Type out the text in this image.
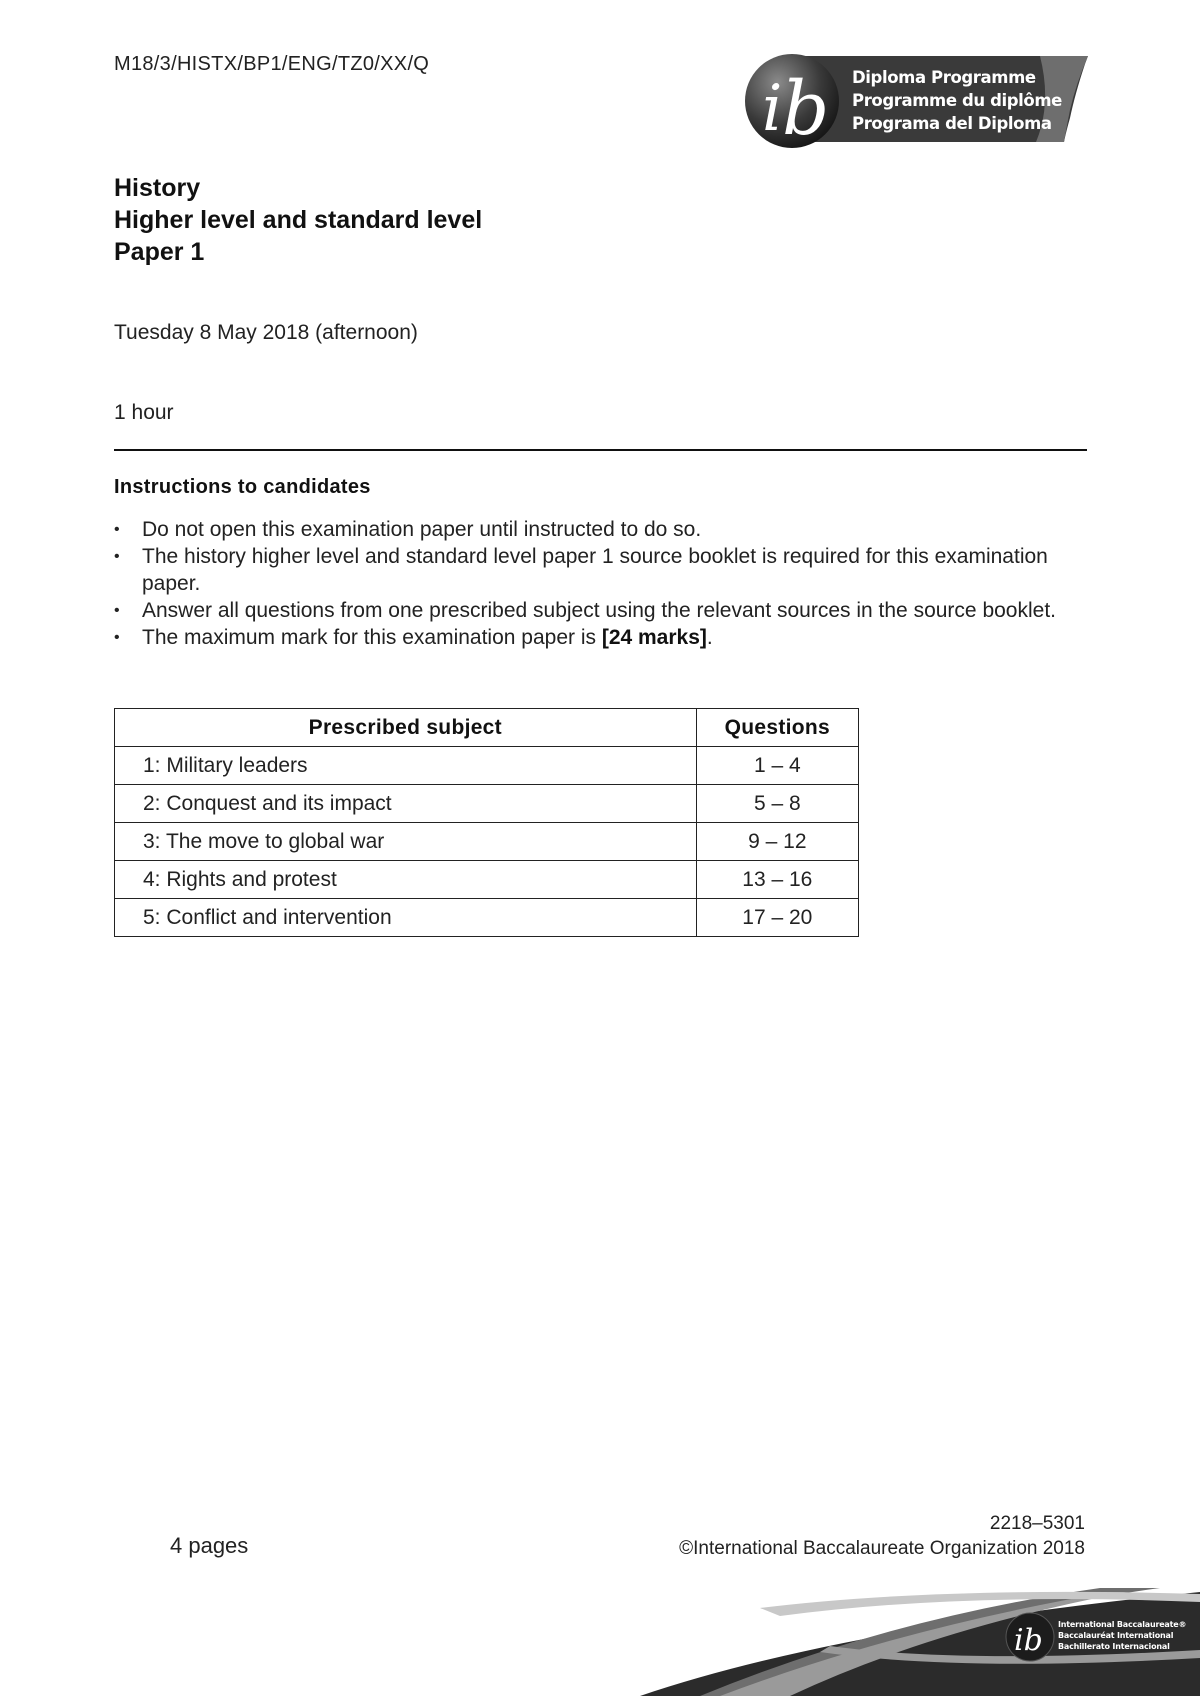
M18/3/HISTX/BP1/ENG/TZ0/XX/Q
i b Diploma Programme
Programme du diplôme
Programa del Diploma
History
Higher level and standard level
Paper 1
Tuesday 8 May 2018 (afternoon)
1 hour
Instructions to candidates
• Do not open this examination paper until instructed to do so.
• The history higher level and standard level paper 1 source booklet is required for this examination paper.
• Answer all questions from one prescribed subject using the relevant sources in the source booklet.
• The maximum mark for this examination paper is [24 marks].
Prescribed subject	Questions
1: Military leaders	1 – 4
2: Conquest and its impact	5 – 8
3: The move to global war	9 – 12
4: Rights and protest	13 – 16
5: Conflict and intervention	17 – 20
4 pages
2218–5301
©International Baccalaureate Organization 2018
ib International Baccalaureate®
Baccalauréat International
Bachillerato Internacional
